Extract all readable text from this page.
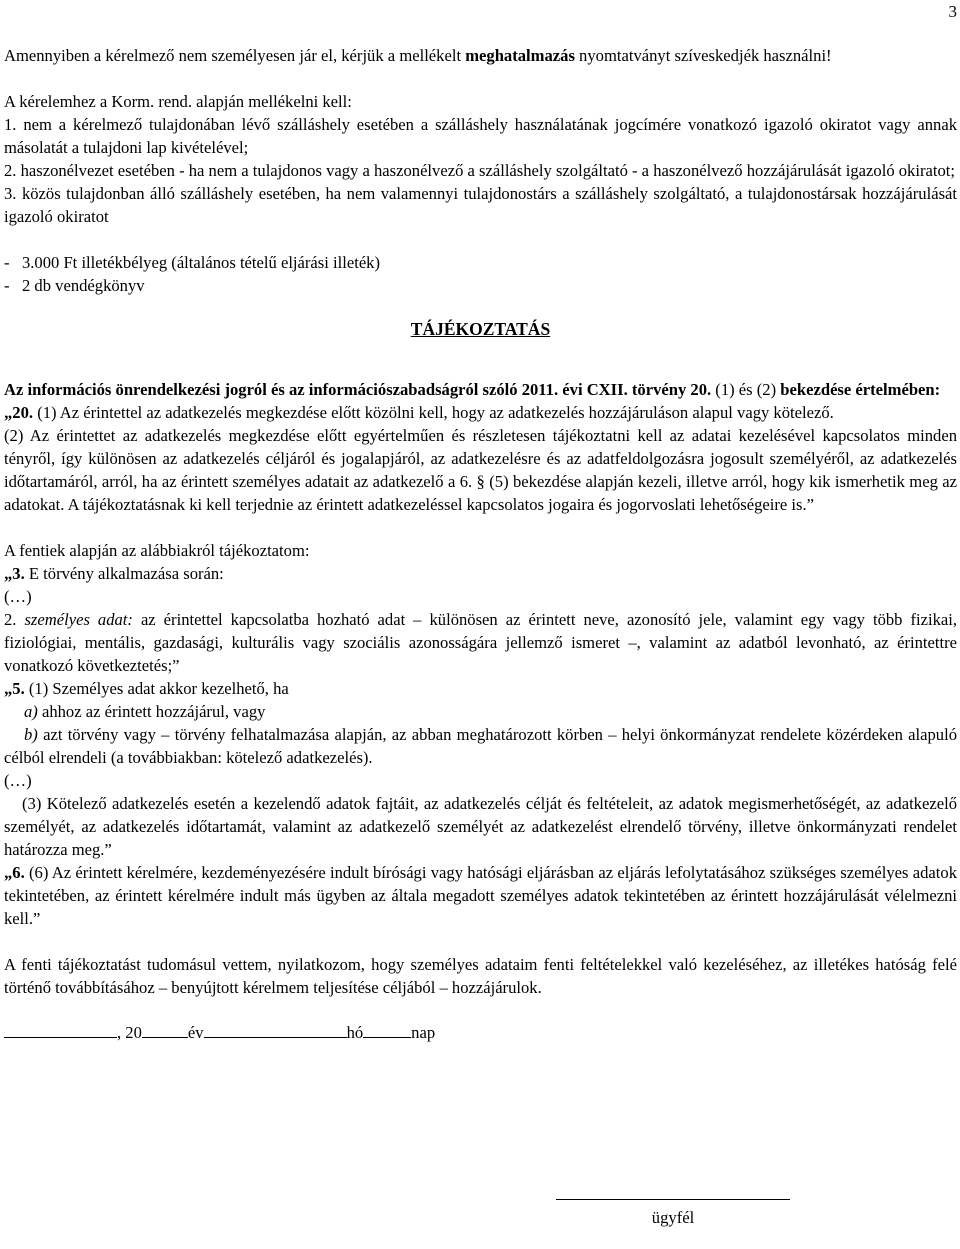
3

Amennyiben a kérelmező nem személyesen jár el, kérjük a mellékelt meghatalmazás nyomtatványt szíveskedjék használni!

A kérelemhez a Korm. rend. alapján mellékelni kell:

1. nem a kérelmező tulajdonában lévő szálláshely esetében a szálláshely használatának jogcímére vonatkozó igazoló okiratot vagy annak másolatát a tulajdoni lap kivételével;

2. haszonélvezet esetében - ha nem a tulajdonos vagy a haszonélvező a szálláshely szolgáltató - a haszonélvező hozzájárulását igazoló okiratot;

3. közös tulajdonban álló szálláshely esetében, ha nem valamennyi tulajdonostárs a szálláshely szolgáltató, a tulajdonostársak hozzájárulását igazoló okiratot

-   3.000 Ft illetékbélyeg (általános tételű eljárási illeték)

-   2 db vendégkönyv

TÁJÉKOZTATÁS

Az információs önrendelkezési jogról és az információszabadságról szóló 2011. évi CXII. törvény 20. (1) és (2) bekezdése értelmében:

„20. (1) Az érintettel az adatkezelés megkezdése előtt közölni kell, hogy az adatkezelés hozzájáruláson alapul vagy kötelező.

(2) Az érintettet az adatkezelés megkezdése előtt egyértelműen és részletesen tájékoztatni kell az adatai kezelésével kapcsolatos minden tényről, így különösen az adatkezelés céljáról és jogalapjáról, az adatkezelésre és az adatfeldolgozásra jogosult személyéről, az adatkezelés időtartamáról, arról, ha az érintett személyes adatait az adatkezelő a 6. § (5) bekezdése alapján kezeli, illetve arról, hogy kik ismerhetik meg az adatokat. A tájékoztatásnak ki kell terjednie az érintett adatkezeléssel kapcsolatos jogaira és jogorvoslati lehetőségeire is.”

A fentiek alapján az alábbiakról tájékoztatom:

„3. E törvény alkalmazása során:

(…)

2. személyes adat: az érintettel kapcsolatba hozható adat – különösen az érintett neve, azonosító jele, valamint egy vagy több fizikai, fiziológiai, mentális, gazdasági, kulturális vagy szociális azonosságára jellemző ismeret –, valamint az adatból levonható, az érintettre vonatkozó következtetés;”

„5. (1) Személyes adat akkor kezelhető, ha

a) ahhoz az érintett hozzájárul, vagy

b) azt törvény vagy – törvény felhatalmazása alapján, az abban meghatározott körben – helyi önkormányzat rendelete közérdeken alapuló célból elrendeli (a továbbiakban: kötelező adatkezelés).

(…)

(3) Kötelező adatkezelés esetén a kezelendő adatok fajtáit, az adatkezelés célját és feltételeit, az adatok megismerhetőségét, az adatkezelő személyét, az adatkezelés időtartamát, valamint az adatkezelő személyét az adatkezelést elrendelő törvény, illetve önkormányzati rendelet határozza meg.”

„6. (6) Az érintett kérelmére, kezdeményezésére indult bírósági vagy hatósági eljárásban az eljárás lefolytatásához szükséges személyes adatok tekintetében, az érintett kérelmére indult más ügyben az általa megadott személyes adatok tekintetében az érintett hozzájárulását vélelmezni kell.”

A fenti tájékoztatást tudomásul vettem, nyilatkozom, hogy személyes adataim fenti feltételekkel való kezeléséhez, az illetékes hatóság felé történő továbbításához – benyújtott kérelmem teljesítése céljából – hozzájárulok.

, 20	év	hó	nap

ügyfél
